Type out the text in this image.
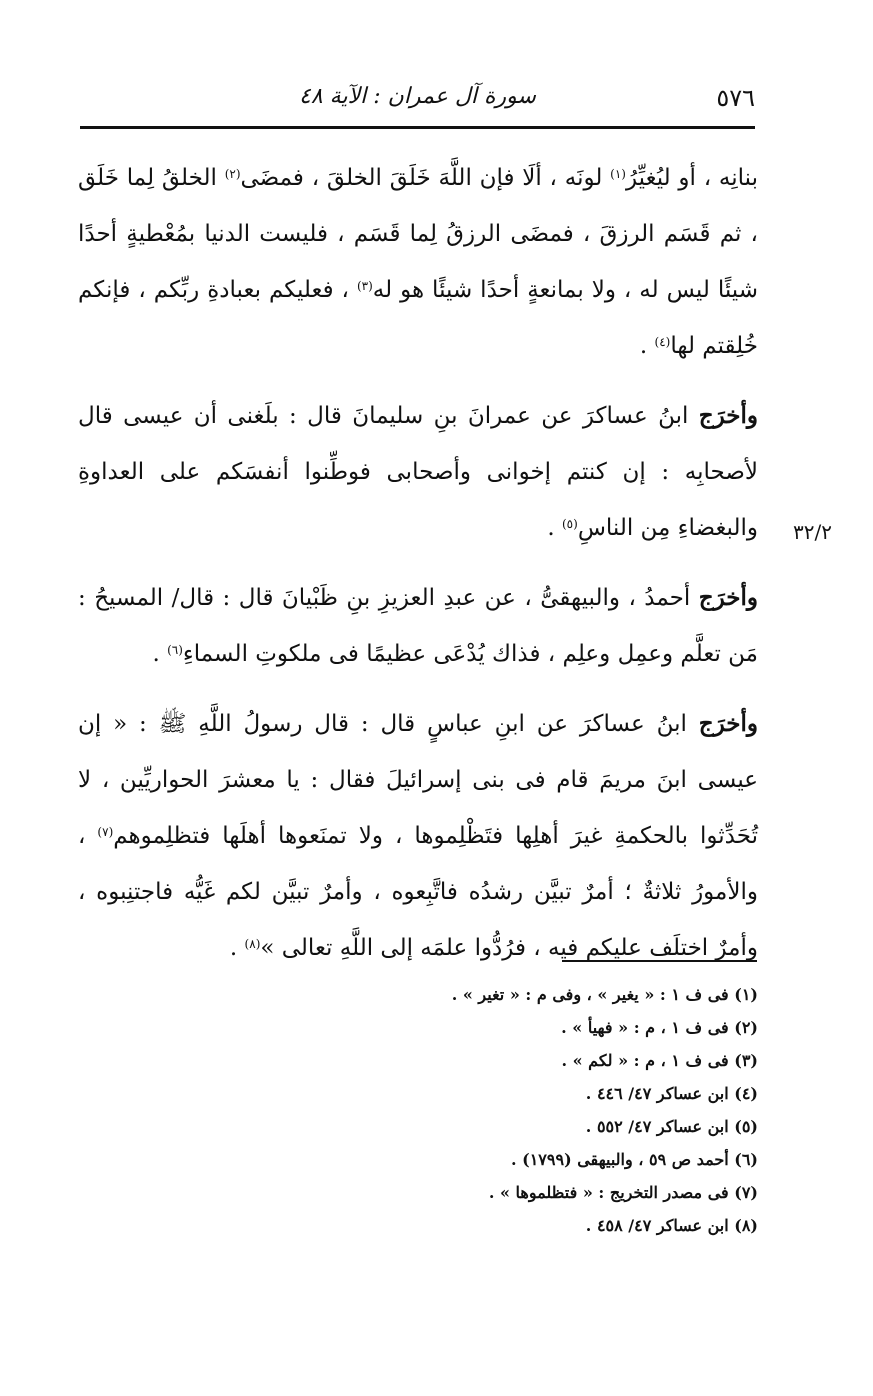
٥٧٦
سورة آل عمران : الآية ٤٨
٣٢/٢

بنانِه ، أو ليُغيِّرُ$^{(١)}$ لونَه ، ألَا فإن اللَّهَ خَلَقَ الخلقَ ، فمضَى$^{(٢)}$ الخلقُ لِما خَلَق ، ثم قَسَم الرزقَ ، فمضَى الرزقُ لِما قَسَم ، فليست الدنيا بمُعْطيةٍ أحدًا شيئًا ليس له ، ولا بمانعةٍ أحدًا شيئًا هو له$^{(٣)}$ ، فعليكم بعبادةِ ربِّكم ، فإنكم خُلِقتم لها$^{(٤)}$ .

وأخرَج ابنُ عساكرَ عن عمرانَ بنِ سليمانَ قال : بلَغنى أن عيسى قال لأصحابِه : إن كنتم إخوانى وأصحابى فوطِّنوا أنفسَكم على العداوةِ والبغضاءِ مِن الناسِ$^{(٥)}$ .

وأخرَج أحمدُ ، والبيهقىُّ ، عن عبدِ العزيزِ بنِ ظَبْيانَ قال : قال/ المسيحُ : مَن تعلَّم وعمِل وعلِم ، فذاك يُدْعَى عظيمًا فى ملكوتِ السماءِ$^{(٦)}$ .

وأخرَج ابنُ عساكرَ عن ابنِ عباسٍ قال : قال رسولُ اللَّهِ ﷺ : « إن عيسى ابنَ مريمَ قام فى بنى إسرائيلَ فقال : يا معشرَ الحواريِّين ، لا تُحَدِّثوا بالحكمةِ غيرَ أهلِها فتَظْلِموها ، ولا تمنَعوها أهلَها فتظلِموهم$^{(٧)}$ ، والأمورُ ثلاثةٌ ؛ أمرٌ تبيَّن رشدُه فاتَّبِعوه ، وأمرٌ تبيَّن لكم غَيُّه فاجتنِبوه ، وأمرٌ اختلَف عليكم فيه ، فرُدُّوا علمَه إلى اللَّهِ تعالى »$^{(٨)}$ .

(١) فى ف ١ : « يغير » ، وفى م : « تغير » .
(٢) فى ف ١ ، م : « فهيأ » .
(٣) فى ف ١ ، م : « لكم » .
(٤) ابن عساكر ٤٧/ ٤٤٦ .
(٥) ابن عساكر ٤٧/ ٥٥٢ .
(٦) أحمد ص ٥٩ ، والبيهقى (١٧٩٩) .
(٧) فى مصدر التخريج : « فتظلموها » .
(٨) ابن عساكر ٤٧/ ٤٥٨ .
